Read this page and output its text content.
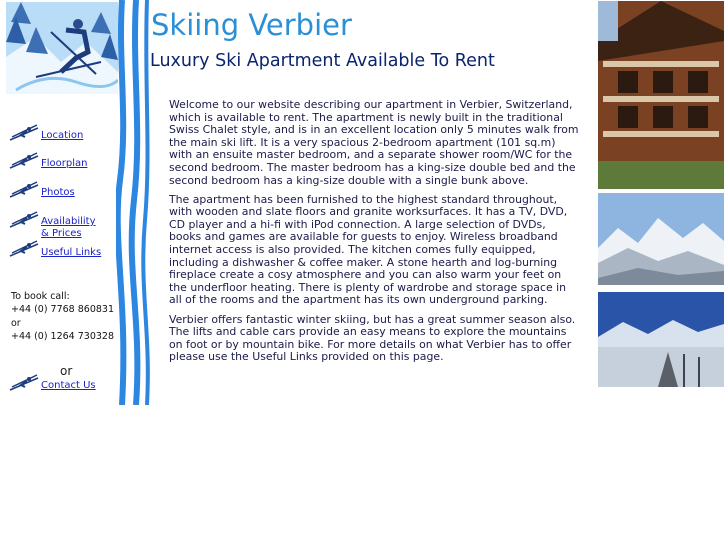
Skiing Verbier
Luxury Ski Apartment Available To Rent
Location
Floorplan
Photos
Availability
& Prices
Useful Links
Contact Us
To book call:
+44 (0) 7768 860831
or
+44 (0) 1264 730328
or

Welcome to our website describing our apartment in Verbier, Switzerland, which is available to rent. The apartment is newly built in the traditional Swiss Chalet style, and is in an excellent location only 5 minutes walk from the main ski lift. It is a very spacious 2-bedroom apartment (101 sq.m) with an ensuite master bedroom, and a separate shower room/WC for the second bedroom. The master bedroom has a king-size double bed and the second bedroom has a king-size double with a single bunk above.

The apartment has been furnished to the highest standard throughout, with wooden and slate floors and granite worksurfaces. It has a TV, DVD, CD player and a hi-fi with iPod connection. A large selection of DVDs, books and games are available for guests to enjoy. Wireless broadband internet access is also provided. The kitchen comes fully equipped, including a dishwasher & coffee maker. A stone hearth and log-burning fireplace create a cosy atmosphere and you can also warm your feet on the underfloor heating. There is plenty of wardrobe and storage space in all of the rooms and the apartment has its own underground parking.

Verbier offers fantastic winter skiing, but has a great summer season also. The lifts and cable cars provide an easy means to explore the mountains on foot or by mountain bike. For more details on what Verbier has to offer please use the Useful Links provided on this page.
